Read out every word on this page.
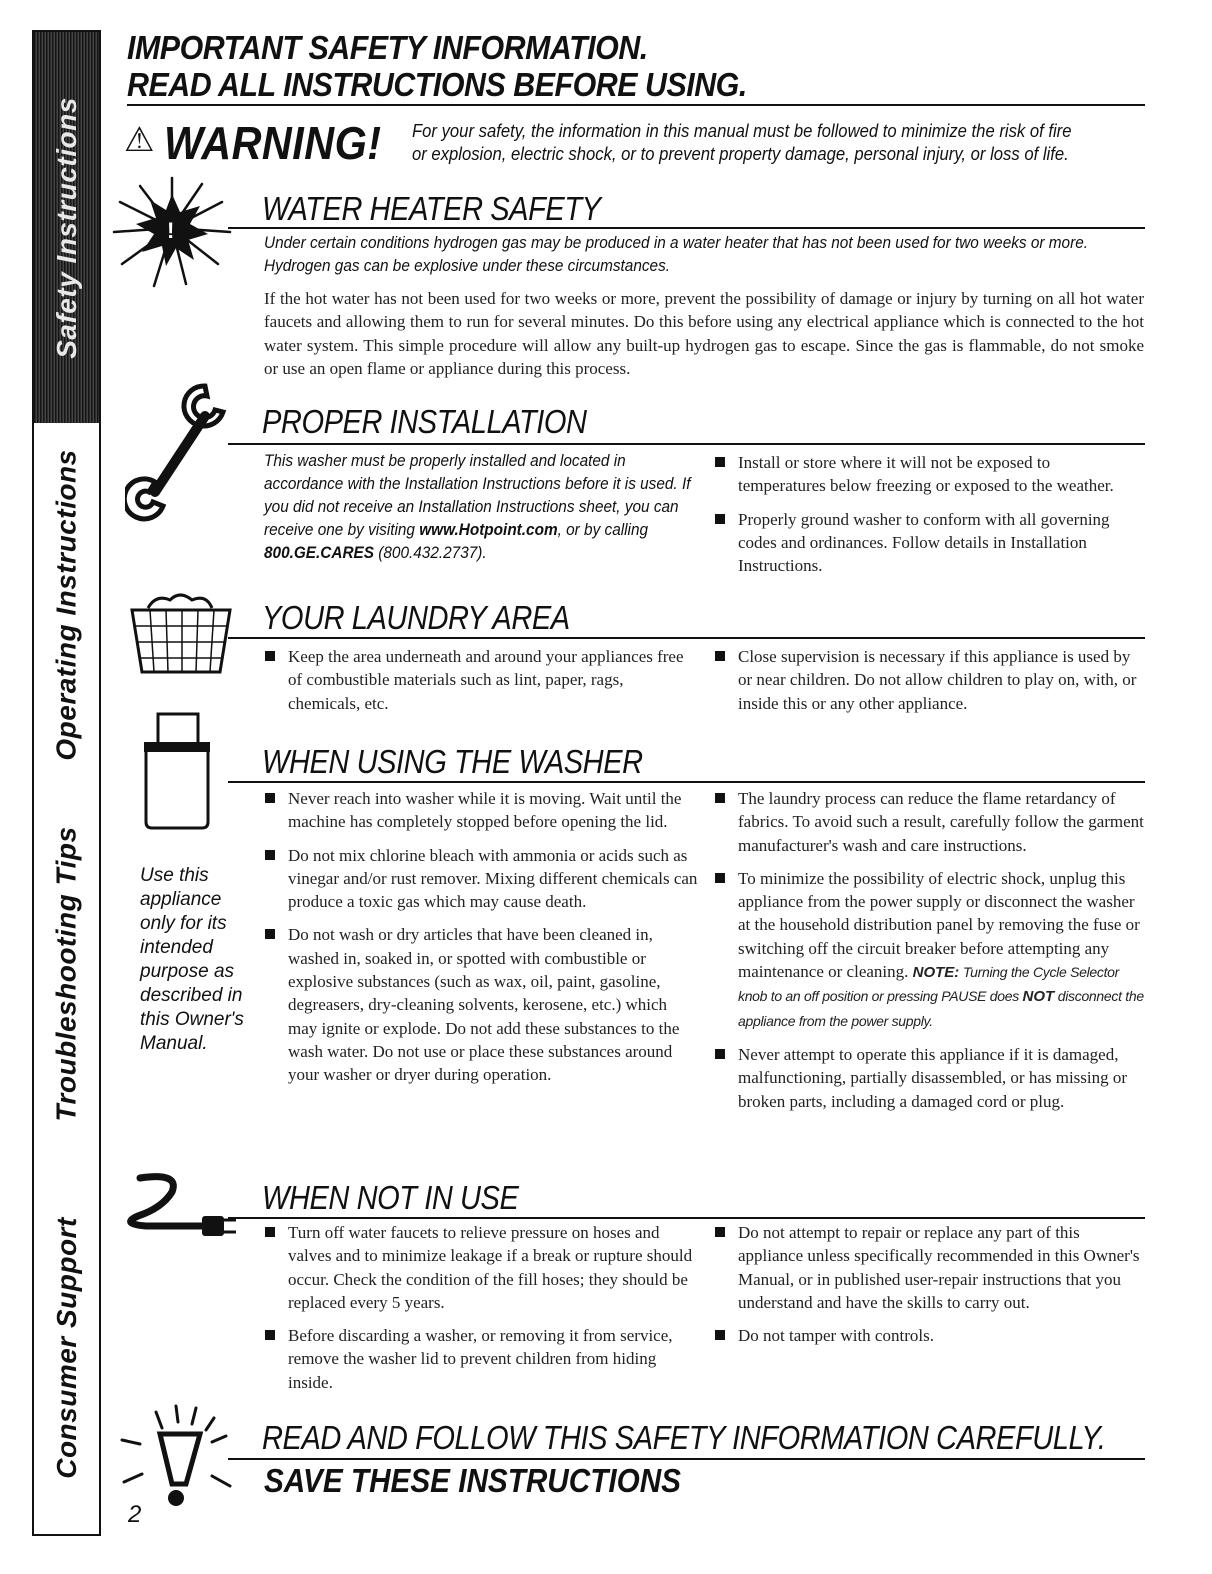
Safety Instructions
Operating Instructions
Troubleshooting Tips
Consumer Support
IMPORTANT SAFETY INFORMATION.
READ ALL INSTRUCTIONS BEFORE USING.
⚠ WARNING! For your safety, the information in this manual must be followed to minimize the risk of fire
or explosion, electric shock, or to prevent property damage, personal injury, or loss of life.
!
WATER HEATER SAFETY
Under certain conditions hydrogen gas may be produced in a water heater that has not been used for two weeks or more. Hydrogen gas can be explosive under these circumstances.
If the hot water has not been used for two weeks or more, prevent the possibility of damage or injury by turning on all hot water faucets and allowing them to run for several minutes. Do this before using any electrical appliance which is connected to the hot water system. This simple procedure will allow any built-up hydrogen gas to escape. Since the gas is flammable, do not smoke or use an open flame or appliance during this process.
PROPER INSTALLATION
This washer must be properly installed and located in accordance with the Installation Instructions before it is used. If you did not receive an Installation Instructions sheet, you can receive one by visiting www.Hotpoint.com, or by calling 800.GE.CARES (800.432.2737).
Install or store where it will not be exposed to temperatures below freezing or exposed to the weather.
Properly ground washer to conform with all governing codes and ordinances. Follow details in Installation Instructions.
YOUR LAUNDRY AREA
Keep the area underneath and around your appliances free of combustible materials such as lint, paper, rags, chemicals, etc.
Close supervision is necessary if this appliance is used by or near children. Do not allow children to play on, with, or inside this or any other appliance.
WHEN USING THE WASHER
Use this appliance only for its intended purpose as described in this Owner's Manual.
Never reach into washer while it is moving. Wait until the machine has completely stopped before opening the lid.
Do not mix chlorine bleach with ammonia or acids such as vinegar and/or rust remover. Mixing different chemicals can produce a toxic gas which may cause death.
Do not wash or dry articles that have been cleaned in, washed in, soaked in, or spotted with combustible or explosive substances (such as wax, oil, paint, gasoline, degreasers, dry-cleaning solvents, kerosene, etc.) which may ignite or explode. Do not add these substances to the wash water. Do not use or place these substances around your washer or dryer during operation.
The laundry process can reduce the flame retardancy of fabrics. To avoid such a result, carefully follow the garment manufacturer's wash and care instructions.
To minimize the possibility of electric shock, unplug this appliance from the power supply or disconnect the washer at the household distribution panel by removing the fuse or switching off the circuit breaker before attempting any maintenance or cleaning. NOTE: Turning the Cycle Selector knob to an off position or pressing PAUSE does NOT disconnect the appliance from the power supply.
Never attempt to operate this appliance if it is damaged, malfunctioning, partially disassembled, or has missing or broken parts, including a damaged cord or plug.
WHEN NOT IN USE
Turn off water faucets to relieve pressure on hoses and valves and to minimize leakage if a break or rupture should occur. Check the condition of the fill hoses; they should be replaced every 5 years.
Before discarding a washer, or removing it from service, remove the washer lid to prevent children from hiding inside.
Do not attempt to repair or replace any part of this appliance unless specifically recommended in this Owner's Manual, or in published user-repair instructions that you understand and have the skills to carry out.
Do not tamper with controls.
READ AND FOLLOW THIS SAFETY INFORMATION CAREFULLY.
SAVE THESE INSTRUCTIONS
2
